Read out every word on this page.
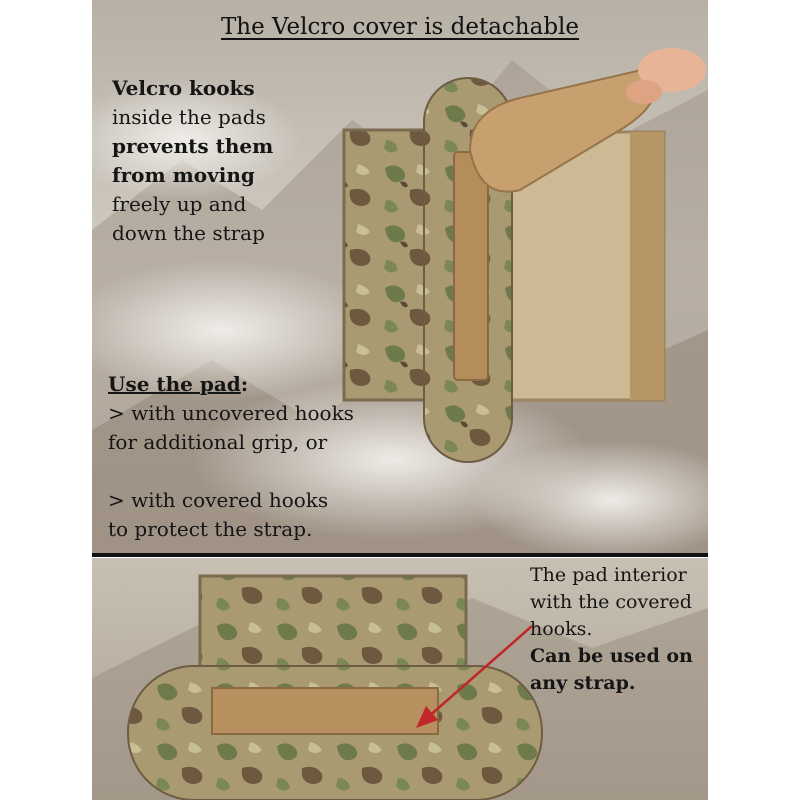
The Velcro cover is detachable
Velcro kooks
inside the pads
prevents them
from moving
freely up and
down the strap
Use the pad:
> with uncovered hooks
for additional grip, or
> with covered hooks
to protect the strap.
The pad interior
with the covered
hooks.
Can be used on
any strap.
